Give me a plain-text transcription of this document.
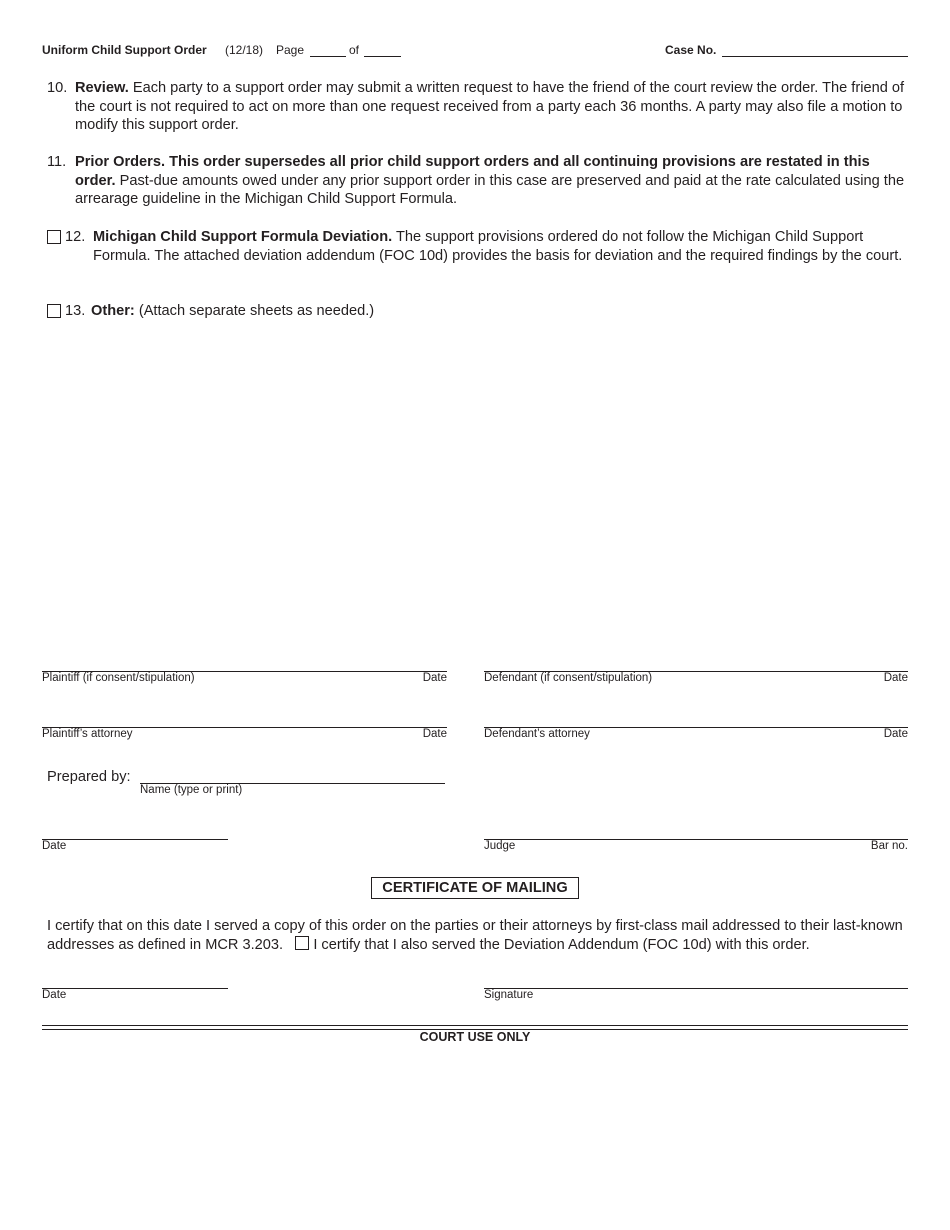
Uniform Child Support Order (12/18) Page	of	Case No.
10. Review. Each party to a support order may submit a written request to have the friend of the court review the order. The friend of the court is not required to act on more than one request received from a party each 36 months. A party may also file a motion to modify this support order.
11. Prior Orders. This order supersedes all prior child support orders and all continuing provisions are restated in this order. Past-due amounts owed under any prior support order in this case are preserved and paid at the rate calculated using the arrearage guideline in the Michigan Child Support Formula.
12. Michigan Child Support Formula Deviation. The support provisions ordered do not follow the Michigan Child Support Formula. The attached deviation addendum (FOC 10d) provides the basis for deviation and the required findings by the court.
13. Other: (Attach separate sheets as needed.)
Plaintiff (if consent/stipulation)	Date	Defendant (if consent/stipulation)	Date
Plaintiff’s attorney	Date	Defendant’s attorney	Date
Prepared by:
Name (type or print)
Date	Judge	Bar no.
CERTIFICATE OF MAILING
I certify that on this date I served a copy of this order on the parties or their attorneys by first-class mail addressed to their last-known addresses as defined in MCR 3.203. I certify that I also served the Deviation Addendum (FOC 10d) with this order.
Date	Signature
COURT USE ONLY
